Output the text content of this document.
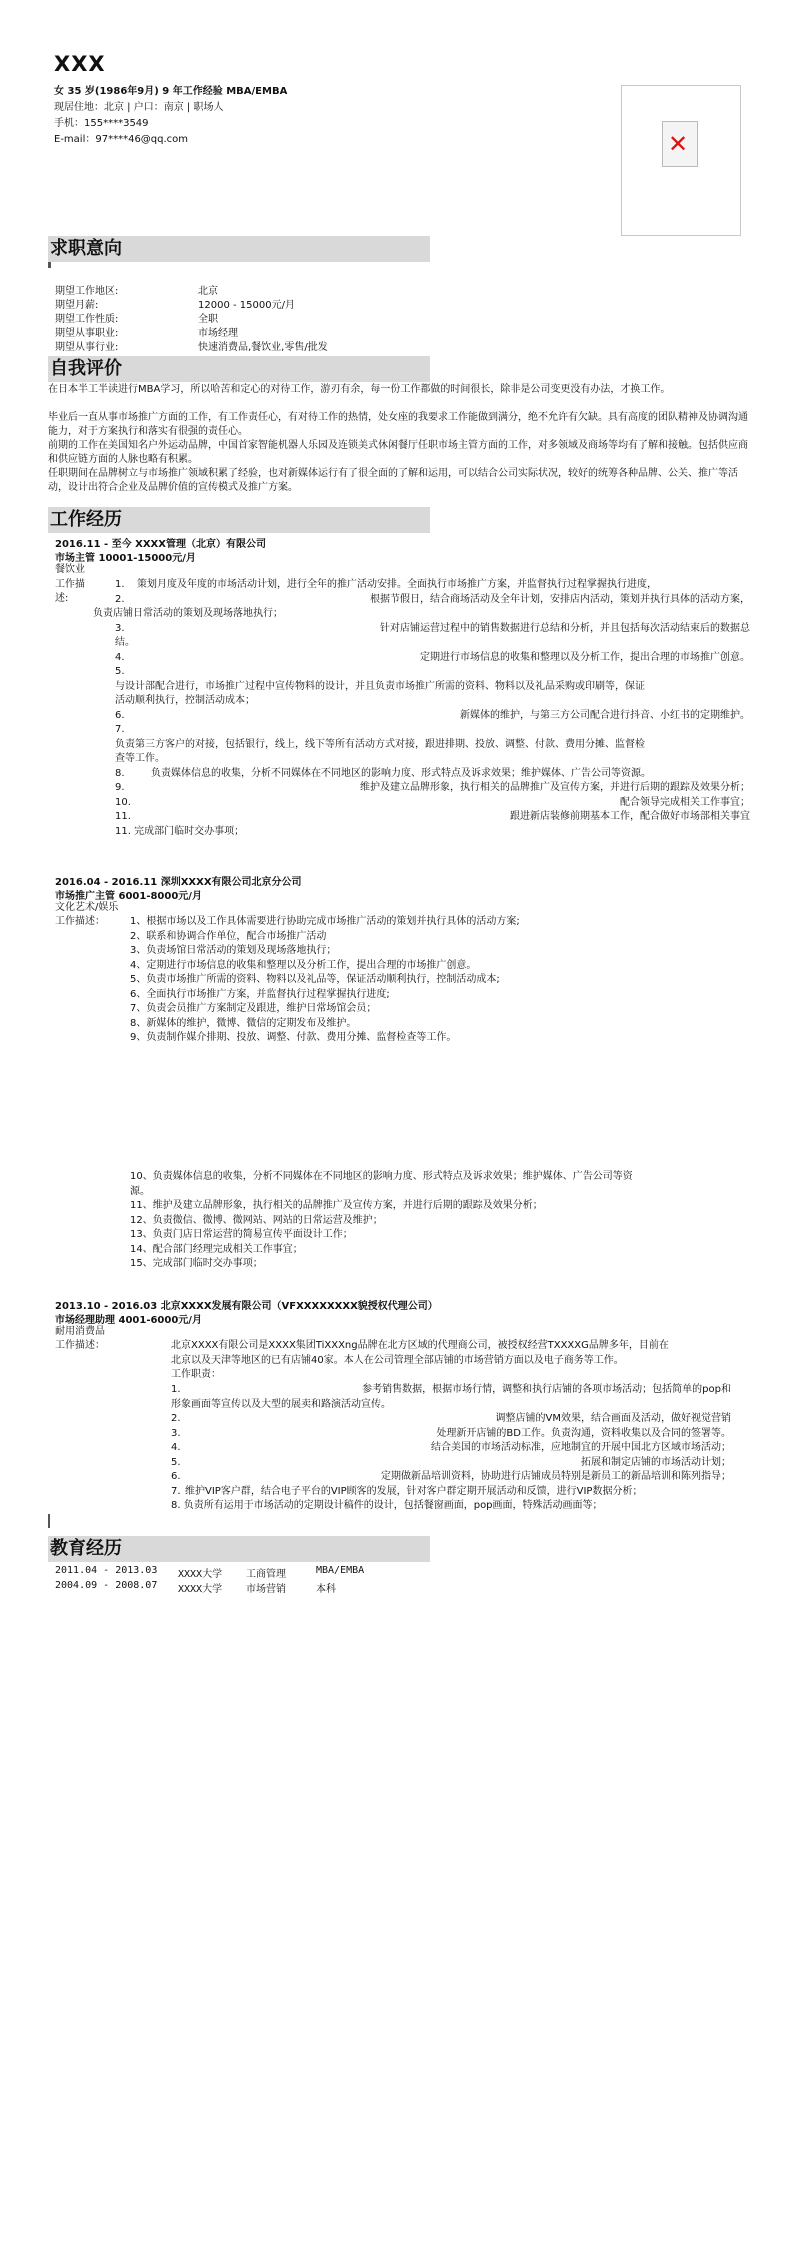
XXX
女 35 岁(1986年9月) 9 年工作经验 MBA/EMBA
现居住地：北京 | 户口：南京 | 职场人
手机：155****3549
E-mail：97****46@qq.com	✕
求职意向
期望工作地区:	北京
期望月薪:	12000 - 15000元/月
期望工作性质:	全职
期望从事职业:	市场经理
期望从事行业:	快速消费品,餐饮业,零售/批发
自我评价
在日本半工半读进行MBA学习，所以哈苦和定心的对待工作，游刃有余，每一份工作都做的时间很长，除非是公司变更没有办法，才换工作。
毕业后一直从事市场推广方面的工作，有工作责任心，有对待工作的热情，处女座的我要求工作能做到满分，绝不允许有欠缺。具有高度的团队精神及协调沟通能力，对于方案执行和落实有很强的责任心。
前期的工作在美国知名户外运动品牌，中国首家智能机器人乐园及连锁美式休闲餐厅任职市场主管方面的工作，对多领域及商场等均有了解和接触。包括供应商和供应链方面的人脉也略有积累。
任职期间在品牌树立与市场推广领域积累了经验，也对新媒体运行有了很全面的了解和运用，可以结合公司实际状况，较好的统筹各种品牌、公关、推广等活动，设计出符合企业及品牌价值的宣传模式及推广方案。
工作经历
2016.11 - 至今 XXXX管理（北京）有限公司
市场主管 10001-15000元/月
餐饮业
工作描述:
1.	策划月度及年度的市场活动计划，进行全年的推广活动安排。全面执行市场推广方案，并监督执行过程掌握执行进度，
2.	根据节假日，结合商场活动及全年计划，安排店内活动，策划并执行具体的活动方案，
负责店铺日常活动的策划及现场落地执行；
3.	针对店铺运营过程中的销售数据进行总结和分析，并且包括每次活动结束后的数据总
结。
4.	定期进行市场信息的收集和整理以及分析工作，提出合理的市场推广创意。
5.
与设计部配合进行，市场推广过程中宣传物料的设计，并且负责市场推广所需的资料、物料以及礼品采购或印刷等，保证
活动顺利执行，控制活动成本；
6.	新媒体的维护，与第三方公司配合进行抖音、小红书的定期维护。
7.
负责第三方客户的对接，包括银行，线上，线下等所有活动方式对接，跟进排期、投放、调整、付款、费用分摊、监督检
查等工作。
8.	负责媒体信息的收集，分析不同媒体在不同地区的影响力度、形式特点及诉求效果；维护媒体、广告公司等资源。
9.	维护及建立品牌形象，执行相关的品牌推广及宣传方案，并进行后期的跟踪及效果分析；
10.	配合领导完成相关工作事宜；
11.	跟进新店装修前期基本工作，配合做好市场部相关事宜
11. 完成部门临时交办事项；
2016.04 - 2016.11 深圳XXXX有限公司北京分公司
市场推广主管 6001-8000元/月
文化艺术/娱乐
工作描述：	1、根据市场以及工作具体需要进行协助完成市场推广活动的策划并执行具体的活动方案;
2、联系和协调合作单位，配合市场推广活动
3、负责场馆日常活动的策划及现场落地执行；
4、定期进行市场信息的收集和整理以及分析工作，提出合理的市场推广创意。
5、负责市场推广所需的资料、物料以及礼品等，保证活动顺利执行，控制活动成本;
6、全面执行市场推广方案，并监督执行过程掌握执行进度;
7、负责会员推广方案制定及跟进，维护日常场馆会员；
8、新媒体的维护，微博、微信的定期发布及维护。
9、负责制作媒介排期、投放、调整、付款、费用分摊、监督检查等工作。
10、负责媒体信息的收集，分析不同媒体在不同地区的影响力度、形式特点及诉求效果；维护媒体、广告公司等资
源。
11、维护及建立品牌形象，执行相关的品牌推广及宣传方案，并进行后期的跟踪及效果分析；
12、负责微信、微博、微网站、网站的日常运营及维护；
13、负责门店日常运营的简易宣传平面设计工作；
14、配合部门经理完成相关工作事宜；
15、完成部门临时交办事项；
2013.10 - 2016.03 北京XXXX发展有限公司（VFXXXXXXXX貌授权代理公司）
市场经理助理 4001-6000元/月
耐用消费品
工作描述：	北京XXXX有限公司是XXXX集团TiXXXng品牌在北方区域的代理商公司，被授权经营TXXXXG品牌多年，目前在
北京以及天津等地区的已有店铺40家。本人在公司管理全部店铺的市场营销方面以及电子商务等工作。
工作职责：
1.	参考销售数据，根据市场行情，调整和执行店铺的各项市场活动；包括简单的pop和
形象画面等宣传以及大型的展卖和路演活动宣传。
2.	调整店铺的VM效果，结合画面及活动，做好视觉营销
3.	处理新开店铺的BD工作。负责沟通，资料收集以及合同的签署等。
4.	结合美国的市场活动标准，应地制宜的开展中国北方区域市场活动；
5.	拓展和制定店铺的市场活动计划；
6.	定期做新品培训资料，协助进行店铺成员特别是新员工的新品培训和陈列指导；
7. 维护VIP客户群，结合电子平台的VIP顾客的发展，针对客户群定期开展活动和反馈，进行VIP数据分析；
8. 负责所有运用于市场活动的定期设计稿件的设计，包括餐窗画面，pop画面，特殊活动画面等；
教育经历
2011.04 - 2013.03 XXXX大学 工商管理	MBA/EMBA
2004.09 - 2008.07 XXXX大学 市场营销	本科
